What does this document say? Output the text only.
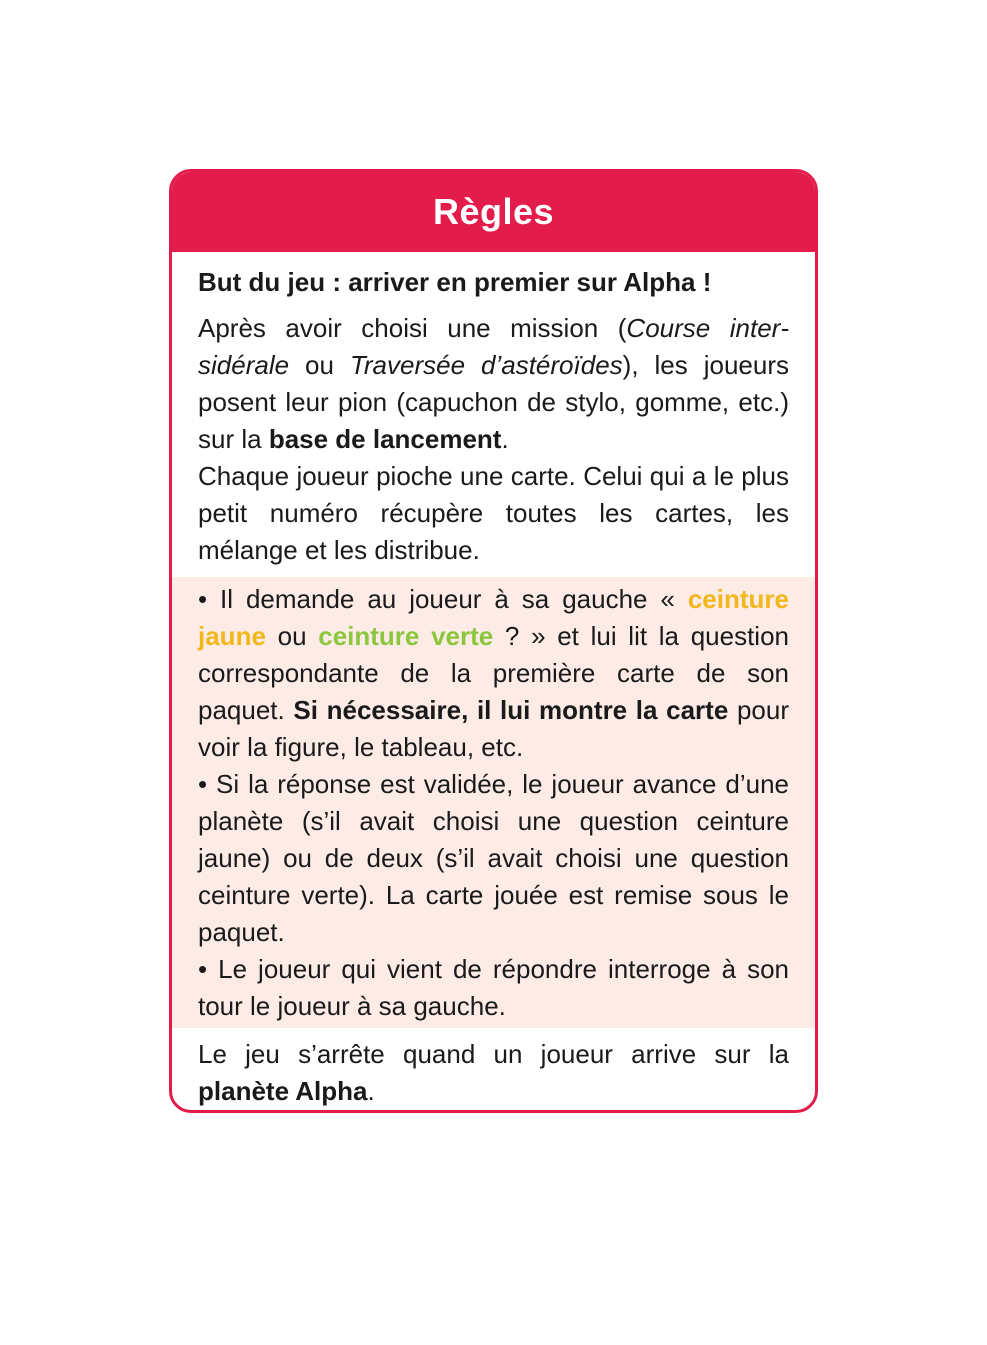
Règles

But du jeu : arriver en premier sur Alpha !

Après avoir choisi une mission (Course intersidérale ou Traversée d’astéroïdes), les joueurs posent leur pion (capuchon de stylo, gomme, etc.) sur la base de lancement.

Chaque joueur pioche une carte. Celui qui a le plus petit numéro récupère toutes les cartes, les mélange et les distribue.

• Il demande au joueur à sa gauche « ceinture jaune ou ceinture verte ? » et lui lit la question correspondante de la première carte de son paquet. Si nécessaire, il lui montre la carte pour voir la figure, le tableau, etc.

• Si la réponse est validée, le joueur avance d’une planète (s’il avait choisi une question ceinture jaune) ou de deux (s’il avait choisi une question ceinture verte). La carte jouée est remise sous le paquet.

• Le joueur qui vient de répondre interroge à son tour le joueur à sa gauche.

Le jeu s’arrête quand un joueur arrive sur la planète Alpha.
